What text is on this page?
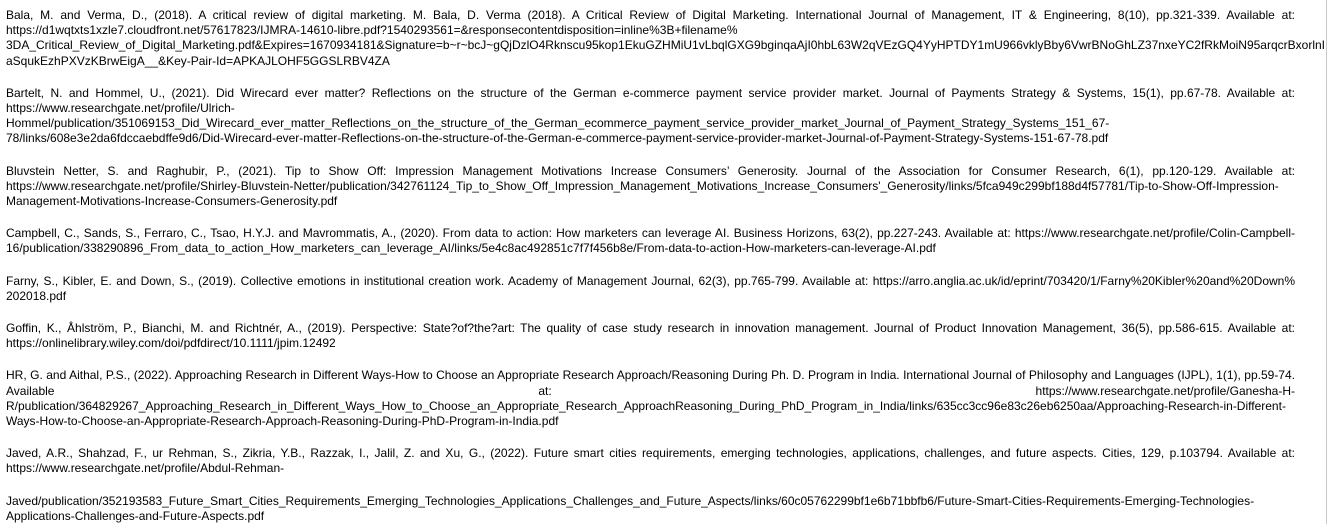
Bala, M. and Verma, D., (2018). A critical review of digital marketing. M. Bala, D. Verma (2018). A Critical Review of Digital Marketing. International Journal of Management, IT & Engineering, 8(10), pp.321-339. Available at:
https://d1wqtxts1xzle7.cloudfront.net/57617823/IJMRA-14610-libre.pdf?1540293561=&responsecontentdisposition=inline%3B+filename%
3DA_Critical_Review_of_Digital_Marketing.pdf&Expires=1670934181&Signature=b~r~bcJ~gQjDzlO4Rknscu95kop1EkuGZHMiU1vLbqlGXG9bginqaAjI0hbL63W2qVEzGQ4YyHPTDY1mU966vklyBby6VwrBNoGhLZ37nxeYC2fRkMoiN95arqcrBxorlnI
aSqukEzhPXVzKBrwEigA__&Key-Pair-Id=APKAJLOHF5GGSLRBV4ZA
Bartelt, N. and Hommel, U., (2021). Did Wirecard ever matter? Reflections on the structure of the German e-commerce payment service provider market. Journal of Payments Strategy & Systems, 15(1), pp.67-78. Available at:
https://www.researchgate.net/profile/Ulrich-
Hommel/publication/351069153_Did_Wirecard_ever_matter_Reflections_on_the_structure_of_the_German_ecommerce_payment_service_provider_market_Journal_of_Payment_Strategy_Systems_151_67-
78/links/608e3e2da6fdccaebdffe9d6/Did-Wirecard-ever-matter-Reflections-on-the-structure-of-the-German-e-commerce-payment-service-provider-market-Journal-of-Payment-Strategy-Systems-151-67-78.pdf
Bluvstein Netter, S. and Raghubir, P., (2021). Tip to Show Off: Impression Management Motivations Increase Consumers’ Generosity. Journal of the Association for Consumer Research, 6(1), pp.120-129. Available at:
https://www.researchgate.net/profile/Shirley-Bluvstein-Netter/publication/342761124_Tip_to_Show_Off_Impression_Management_Motivations_Increase_Consumers'_Generosity/links/5fca949c299bf188d4f57781/Tip-to-Show-Off-Impression-
Management-Motivations-Increase-Consumers-Generosity.pdf
Campbell, C., Sands, S., Ferraro, C., Tsao, H.Y.J. and Mavrommatis, A., (2020). From data to action: How marketers can leverage AI. Business Horizons, 63(2), pp.227-243. Available at: https://www.researchgate.net/profile/Colin-Campbell-
16/publication/338290896_From_data_to_action_How_marketers_can_leverage_AI/links/5e4c8ac492851c7f7f456b8e/From-data-to-action-How-marketers-can-leverage-AI.pdf
Farny, S., Kibler, E. and Down, S., (2019). Collective emotions in institutional creation work. Academy of Management Journal, 62(3), pp.765-799. Available at: https://arro.anglia.ac.uk/id/eprint/703420/1/Farny%20Kibler%20and%20Down%
202018.pdf
Goffin, K., Åhlström, P., Bianchi, M. and Richtnér, A., (2019). Perspective: State?of?the?art: The quality of case study research in innovation management. Journal of Product Innovation Management, 36(5), pp.586-615. Available at:
https://onlinelibrary.wiley.com/doi/pdfdirect/10.1111/jpim.12492
HR, G. and Aithal, P.S., (2022). Approaching Research in Different Ways-How to Choose an Appropriate Research Approach/Reasoning During Ph. D. Program in India. International Journal of Philosophy and Languages (IJPL), 1(1), pp.59-74.
Available at: https://www.researchgate.net/profile/Ganesha-H-
R/publication/364829267_Approaching_Research_in_Different_Ways_How_to_Choose_an_Appropriate_Research_ApproachReasoning_During_PhD_Program_in_India/links/635cc3cc96e83c26eb6250aa/Approaching-Research-in-Different-
Ways-How-to-Choose-an-Appropriate-Research-Approach-Reasoning-During-PhD-Program-in-India.pdf
Javed, A.R., Shahzad, F., ur Rehman, S., Zikria, Y.B., Razzak, I., Jalil, Z. and Xu, G., (2022). Future smart cities requirements, emerging technologies, applications, challenges, and future aspects. Cities, 129, p.103794. Available at:
https://www.researchgate.net/profile/Abdul-Rehman-
Javed/publication/352193583_Future_Smart_Cities_Requirements_Emerging_Technologies_Applications_Challenges_and_Future_Aspects/links/60c05762299bf1e6b71bbfb6/Future-Smart-Cities-Requirements-Emerging-Technologies-
Applications-Challenges-and-Future-Aspects.pdf
